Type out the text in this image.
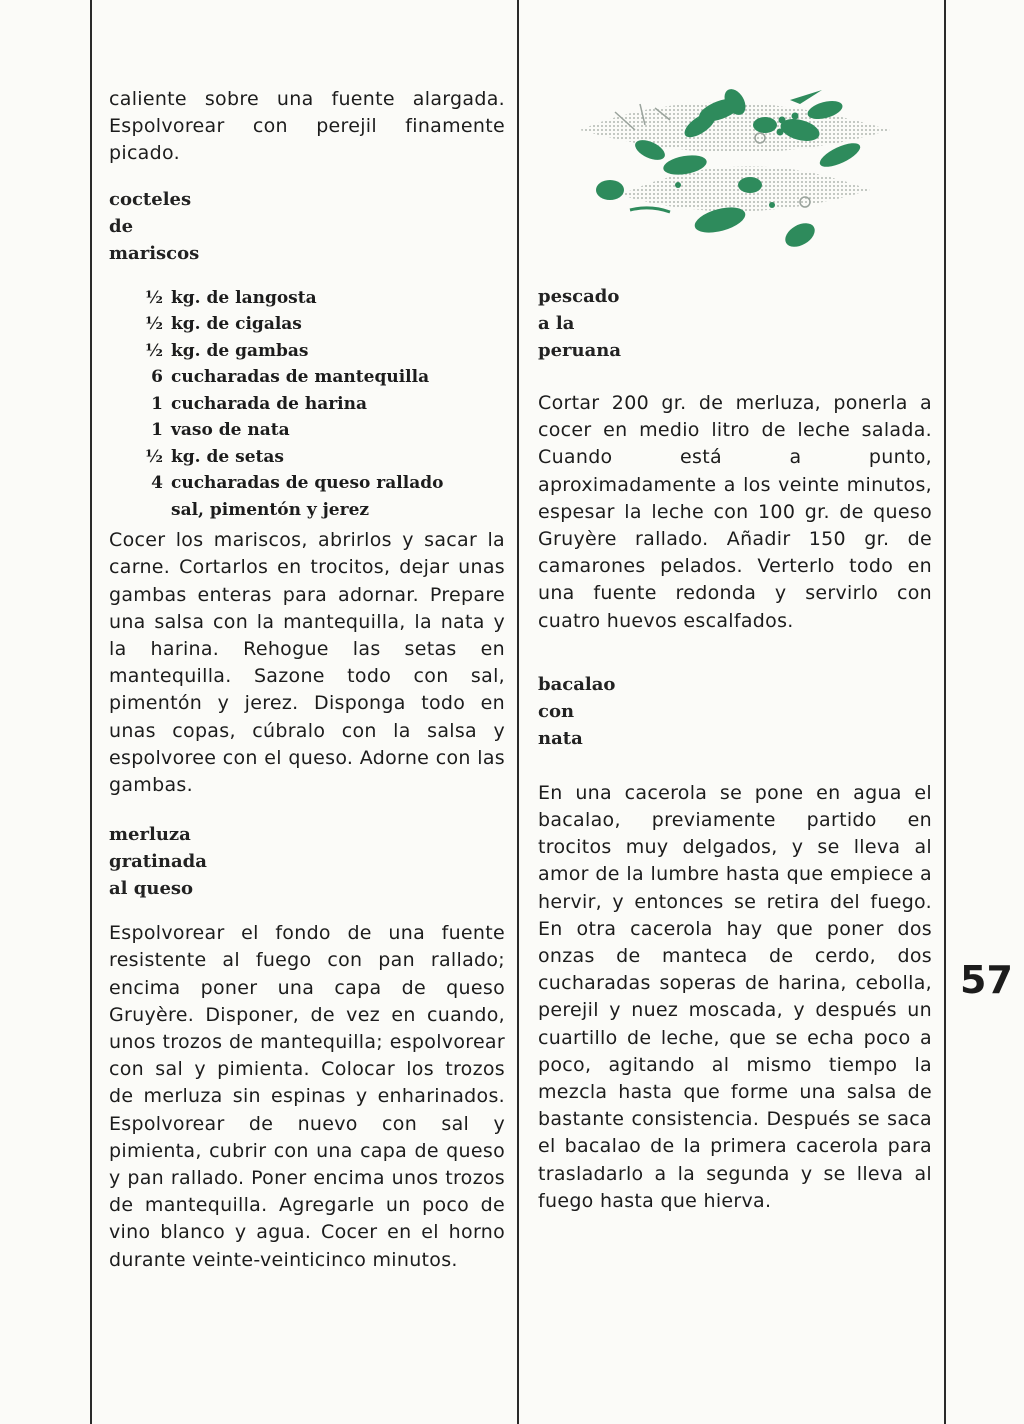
caliente sobre una fuente alargada. Espolvorear con perejil finamente picado.

cocteles
de
mariscos
½ kg. de langosta
½ kg. de cigalas
½ kg. de gambas
6 cucharadas de mantequilla
1 cucharada de harina
1 vaso de nata
½ kg. de setas
4 cucharadas de queso rallado
sal, pimentón y jerez

Cocer los mariscos, abrirlos y sacar la carne. Cortarlos en trocitos, dejar unas gambas enteras para adornar. Prepare una salsa con la mantequilla, la nata y la harina. Rehogue las setas en mantequilla. Sazone todo con sal, pimentón y jerez. Disponga todo en unas copas, cúbralo con la salsa y espolvoree con el queso. Adorne con las gambas.

merluza
gratinada
al queso

Espolvorear el fondo de una fuente resistente al fuego con pan rallado; encima poner una capa de queso Gruyère. Disponer, de vez en cuando, unos trozos de mantequilla; espolvorear con sal y pimienta. Colocar los trozos de merluza sin espinas y enharinados. Espolvorear de nuevo con sal y pimienta, cubrir con una capa de queso y pan rallado. Poner encima unos trozos de mantequilla. Agregarle un poco de vino blanco y agua. Cocer en el horno durante veinte-veinticinco minutos.

pescado
a la
peruana

Cortar 200 gr. de merluza, ponerla a cocer en medio litro de leche salada. Cuando está a punto, aproximadamente a los veinte minutos, espesar la leche con 100 gr. de queso Gruyère rallado. Añadir 150 gr. de camarones pelados. Verterlo todo en una fuente redonda y servirlo con cuatro huevos escalfados.

bacalao
con
nata

En una cacerola se pone en agua el bacalao, previamente partido en trocitos muy delgados, y se lleva al amor de la lumbre hasta que empiece a hervir, y entonces se retira del fuego. En otra cacerola hay que poner dos onzas de manteca de cerdo, dos cucharadas soperas de harina, cebolla, perejil y nuez moscada, y después un cuartillo de leche, que se echa poco a poco, agitando al mismo tiempo la mezcla hasta que forme una salsa de bastante consistencia. Después se saca el bacalao de la primera cacerola para trasladarlo a la segunda y se lleva al fuego hasta que hierva.

57
